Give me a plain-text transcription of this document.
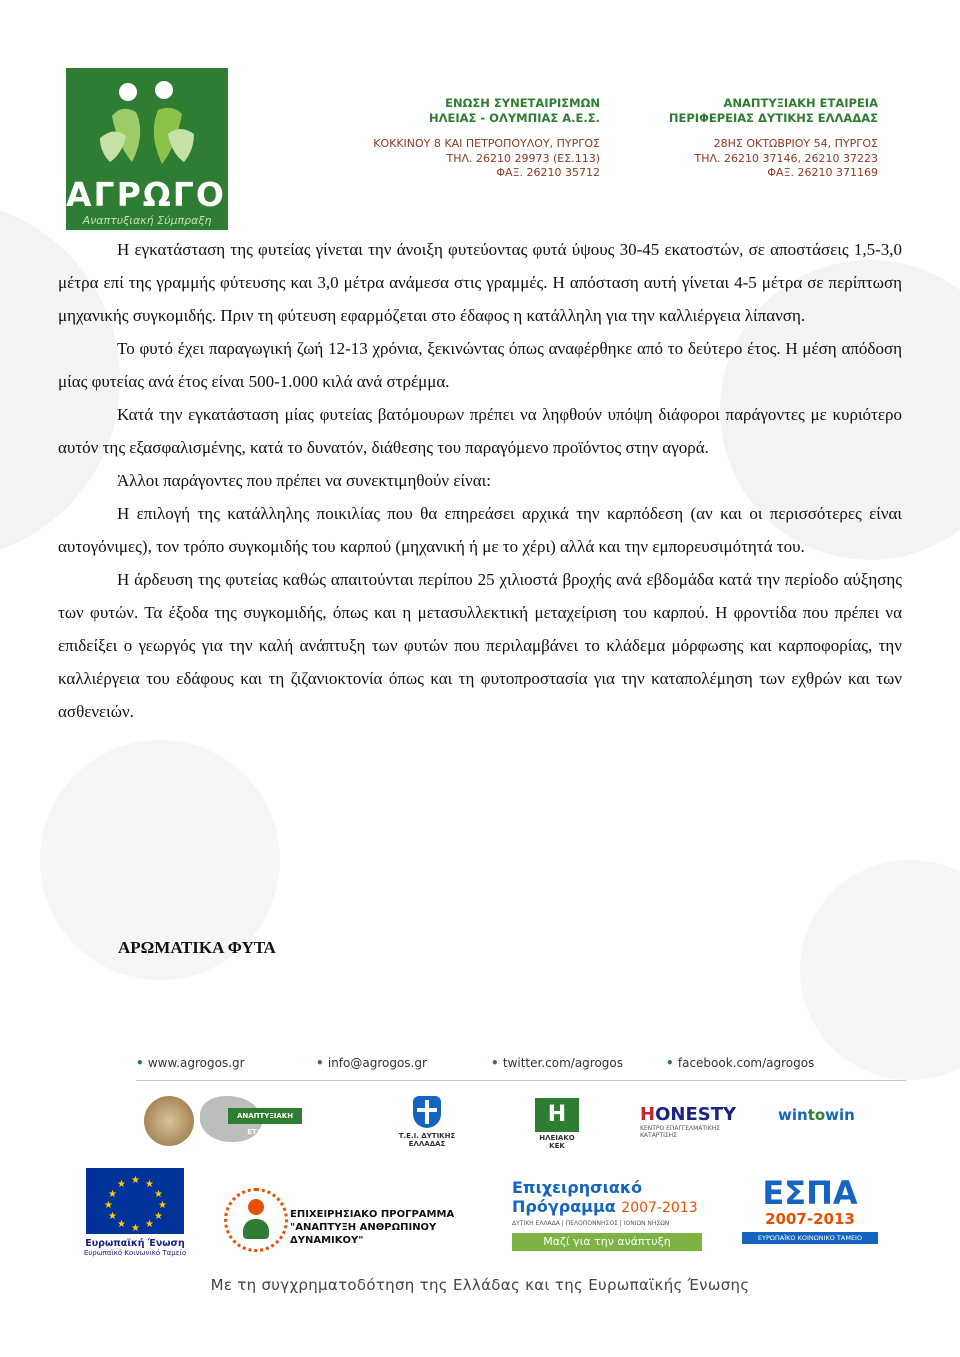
ΑΓΡΩΓΟΣ
Αναπτυξιακή Σύμπραξη
ΕΝΩΣΗ ΣΥΝΕΤΑΙΡΙΣΜΩΝ
ΗΛΕΙΑΣ - ΟΛΥΜΠΙΑΣ Α.Ε.Σ.
ΚΟΚΚΙΝΟΥ 8 ΚΑΙ ΠΕΤΡΟΠΟΥΛΟΥ, ΠΥΡΓΟΣ
ΤΗΛ. 26210 29973 (ΕΣ.113)
ΦΑΞ. 26210 35712
ΑΝΑΠΤΥΞΙΑΚΗ ΕΤΑΙΡΕΙΑ
ΠΕΡΙΦΕΡΕΙΑΣ ΔΥΤΙΚΗΣ ΕΛΛΑΔΑΣ
28ΗΣ ΟΚΤΩΒΡΙΟΥ 54, ΠΥΡΓΟΣ
ΤΗΛ. 26210 37146, 26210 37223
ΦΑΞ. 26210 371169

Η εγκατάσταση της φυτείας γίνεται την άνοιξη φυτεύοντας φυτά ύψους 30-45 εκατοστών, σε αποστάσεις 1,5-3,0 μέτρα επί της γραμμής φύτευσης και 3,0 μέτρα ανάμεσα στις γραμμές. Η απόσταση αυτή γίνεται 4-5 μέτρα σε περίπτωση μηχανικής συγκομιδής. Πριν τη φύτευση εφαρμόζεται στο έδαφος η κατάλληλη για την καλλιέργεια λίπανση.

Το φυτό έχει παραγωγική ζωή 12-13 χρόνια, ξεκινώντας όπως αναφέρθηκε από το δεύτερο έτος. Η μέση απόδοση μίας φυτείας ανά έτος είναι 500-1.000 κιλά ανά στρέμμα.

Κατά την εγκατάσταση μίας φυτείας βατόμουρων πρέπει να ληφθούν υπόψη διάφοροι παράγοντες με κυριότερο αυτόν της εξασφαλισμένης, κατά το δυνατόν, διάθεσης του παραγόμενο προϊόντος στην αγορά.

Άλλοι παράγοντες που πρέπει να συνεκτιμηθούν είναι:

Η επιλογή της κατάλληλης ποικιλίας που θα επηρεάσει αρχικά την καρπόδεση (αν και οι περισσότερες είναι αυτογόνιμες), τον τρόπο συγκομιδής του καρπού (μηχανική ή με το χέρι) αλλά και την εμπορευσιμότητά του.

Η άρδευση της φυτείας καθώς απαιτούνται περίπου 25 χιλιοστά βροχής ανά εβδομάδα κατά την περίοδο αύξησης των φυτών. Τα έξοδα της συγκομιδής, όπως και η μετασυλλεκτική μεταχείριση του καρπού. Η φροντίδα που πρέπει να επιδείξει ο γεωργός για την καλή ανάπτυξη των φυτών που περιλαμβάνει το κλάδεμα μόρφωσης και καρποφορίας, την καλλιέργεια του εδάφους και τη ζιζανιοκτονία όπως και τη φυτοπροστασία για την καταπολέμηση των εχθρών και των ασθενειών.

ΑΡΩΜΑΤΙΚΑ ΦΥΤΑ
• www.agrogos.gr	• info@agrogos.gr	• twitter.com/agrogos	• facebook.com/agrogos
ΑΝΑΠΤΥΞΙΑΚΗ ΕΤΑΙΡΕΙΑ	Τ.Ε.Ι. ΔΥΤΙΚΗΣ ΕΛΛΑΔΑΣ
H
ΗΛΕΙΑΚΟ ΚΕΚ
HONESTY
ΚΕΝΤΡΟ ΕΠΑΓΓΕΛΜΑΤΙΚΗΣ ΚΑΤΑΡΤΙΣΗΣ
wintowin
★ ★
★
★
★
★
★
★
★
★
★
★
Ευρωπαϊκή Ένωση
Ευρωπαϊκό Κοινωνικό Ταμείο
ΕΠΙΧΕΙΡΗΣΙΑΚΟ ΠΡΟΓΡΑΜΜΑ
"ΑΝΑΠΤΥΞΗ ΑΝΘΡΩΠΙΝΟΥ ΔΥΝΑΜΙΚΟΥ"
Επιχειρησιακό
Πρόγραμμα 2007-2013
ΔΥΤΙΚΗ ΕΛΛΑΔΑ | ΠΕΛΟΠΟΝΝΗΣΟΣ | ΙΟΝΙΩΝ ΝΗΣΩΝ
Μαζί για την ανάπτυξη
ΕΣΠΑ
2007-2013
ΕΥΡΩΠΑΪΚΟ ΚΟΙΝΩΝΙΚΟ ΤΑΜΕΙΟ
Με τη συγχρηματοδότηση της Ελλάδας και της Ευρωπαϊκής Ένωσης
